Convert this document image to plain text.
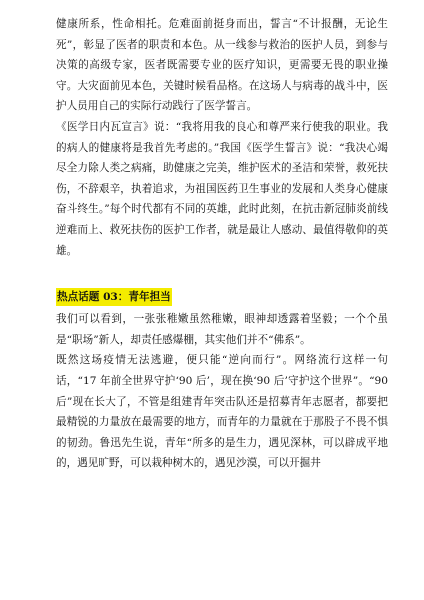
健康所系，性命相托。危难面前挺身而出，誓言“不计报酬，无论生死”，彰显了医者的职责和本色。从一线参与救治的医护人员，到参与决策的高级专家，医者既需要专业的医疗知识，更需要无畏的职业操守。大灾面前见本色，关键时候看品格。在这场人与病毒的战斗中，医护人员用自己的实际行动践行了医学誓言。

《医学日内瓦宣言》说：“我将用我的良心和尊严来行使我的职业。我的病人的健康将是我首先考虑的。”我国《医学生誓言》说：“我决心竭尽全力除人类之病痛，助健康之完美，维护医术的圣洁和荣誉，救死扶伤，不辞艰辛，执着追求，为祖国医药卫生事业的发展和人类身心健康奋斗终生。”每个时代都有不同的英雄，此时此刻，在抗击新冠肺炎前线逆难而上、救死扶伤的医护工作者，就是最让人感动、最值得敬仰的英雄。

热点话题 03：青年担当

我们可以看到，一张张稚嫩虽然稚嫩，眼神却透露着坚毅；一个个虽是“职场”新人，却责任感爆棚，其实他们并不“佛系”。

既然这场疫情无法逃避，便只能“逆向而行”。网络流行这样一句话，“17 年前全世界守护‘90 后’，现在换‘90 后’守护这个世界”。“90 后”现在长大了，不管是组建青年突击队还是招募青年志愿者，都要把最精锐的力量放在最需要的地方，而青年的力量就在于那股子不畏不惧的韧劲。鲁迅先生说，青年“所多的是生力，遇见深林，可以辟成平地的，遇见旷野，可以栽种树木的，遇见沙漠，可以开掘井
